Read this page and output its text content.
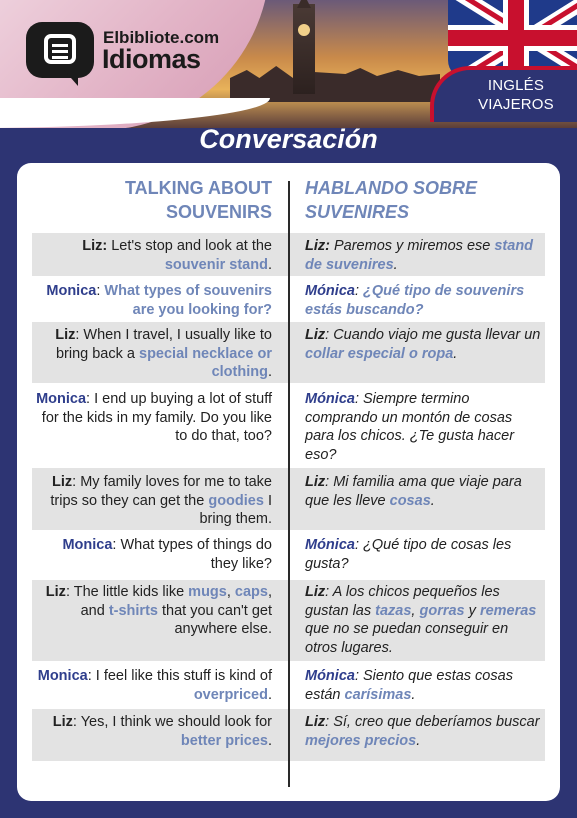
Elbibliote.com
Idiomas
INGLÉS
VIAJEROS
Conversación
TALKING ABOUT
SOUVENIRS
HABLANDO SOBRE
SUVENIRES
Liz: Let's stop and look at the souvenir stand.
Liz: Paremos y miremos ese stand de suvenires.
Monica: What types of souvenirs are you looking for?
Mónica: ¿Qué tipo de souvenirs estás buscando?
Liz: When I travel, I usually like to bring back a special necklace or clothing.
Liz: Cuando viajo me gusta llevar un collar especial o ropa.
Monica: I end up buying a lot of stuff for the kids in my family. Do you like to do that, too?
Mónica: Siempre termino comprando un montón de cosas para los chicos. ¿Te gusta hacer eso?
Liz: My family loves for me to take trips so they can get the goodies I bring them.
Liz: Mi familia ama que viaje para que les lleve cosas.
Monica: What types of things do they like?
Mónica: ¿Qué tipo de cosas les gusta?
Liz: The little kids like mugs, caps, and t-shirts that you can't get anywhere else.
Liz: A los chicos pequeños les gustan las tazas, gorras y remeras que no se puedan conseguir en otros lugares.
Monica: I feel like this stuff is kind of overpriced.
Mónica: Siento que estas cosas están carísimas.
Liz: Yes, I think we should look for better prices.
Liz: Sí, creo que deberíamos buscar mejores precios.
